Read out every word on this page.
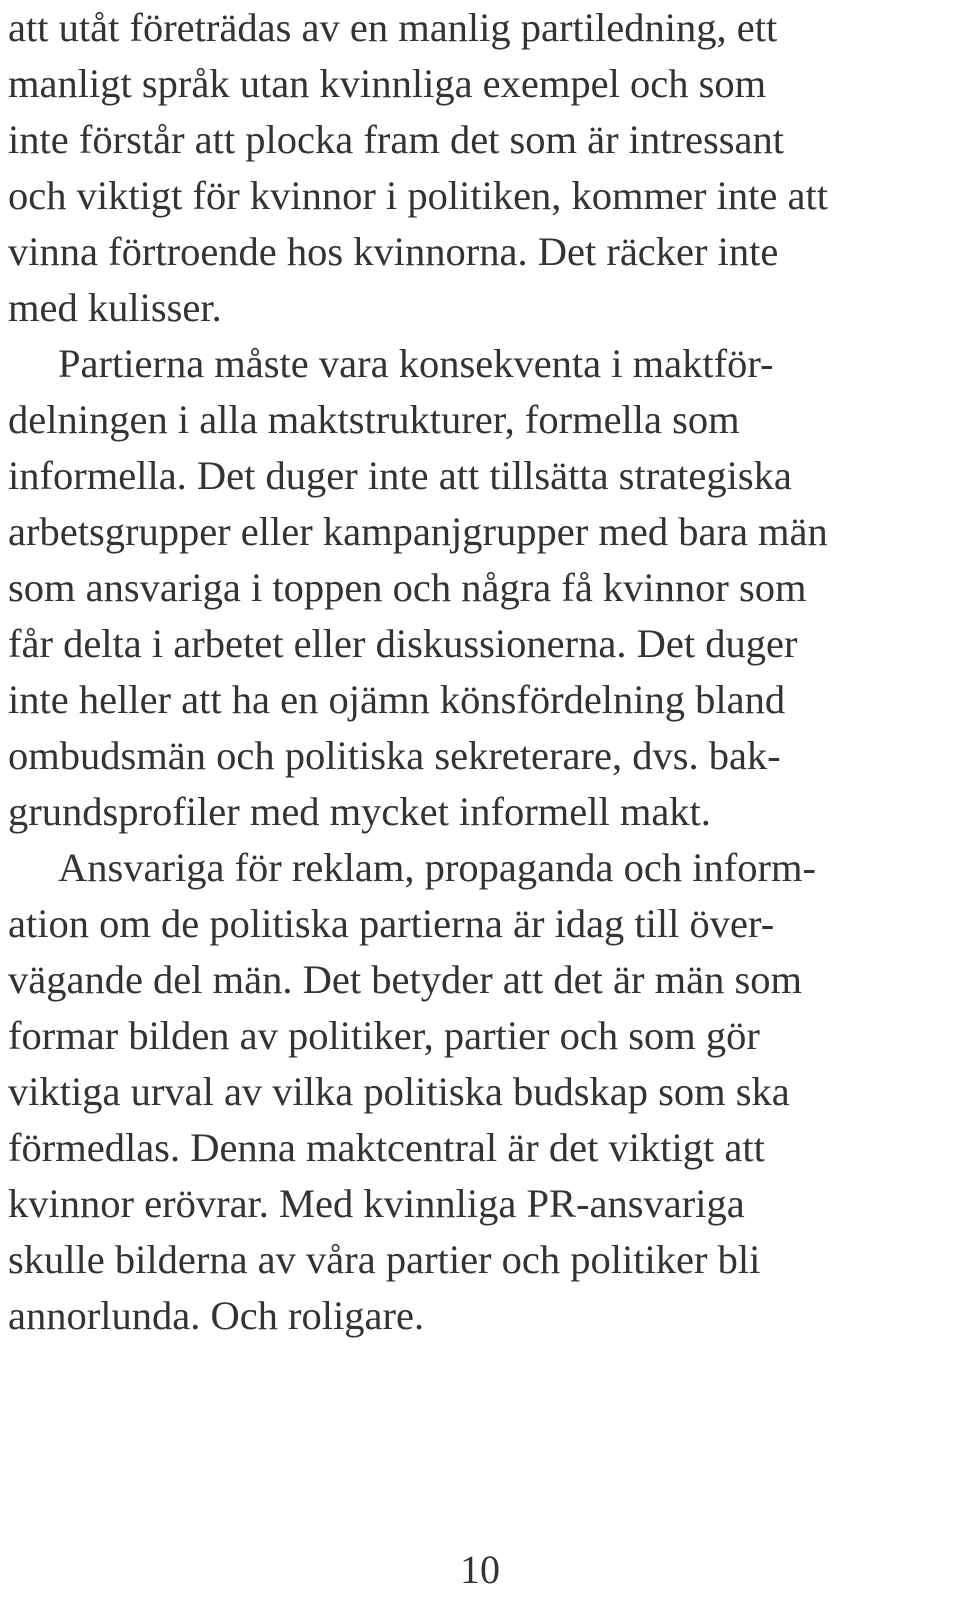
att utåt företrädas av en manlig partiledning, ett
manligt språk utan kvinnliga exempel och som
inte förstår att plocka fram det som är intressant
och viktigt för kvinnor i politiken, kommer inte att
vinna förtroende hos kvinnorna. Det räcker inte
med kulisser.
Partierna måste vara konsekventa i maktför-
delningen i alla maktstrukturer, formella som
informella. Det duger inte att tillsätta strategiska
arbetsgrupper eller kampanjgrupper med bara män
som ansvariga i toppen och några få kvinnor som
får delta i arbetet eller diskussionerna. Det duger
inte heller att ha en ojämn könsfördelning bland
ombudsmän och politiska sekreterare, dvs. bak-
grundsprofiler med mycket informell makt.
Ansvariga för reklam, propaganda och inform-
ation om de politiska partierna är idag till över-
vägande del män. Det betyder att det är män som
formar bilden av politiker, partier och som gör
viktiga urval av vilka politiska budskap som ska
förmedlas. Denna maktcentral är det viktigt att
kvinnor erövrar. Med kvinnliga PR-ansvariga
skulle bilderna av våra partier och politiker bli
annorlunda. Och roligare.
10
